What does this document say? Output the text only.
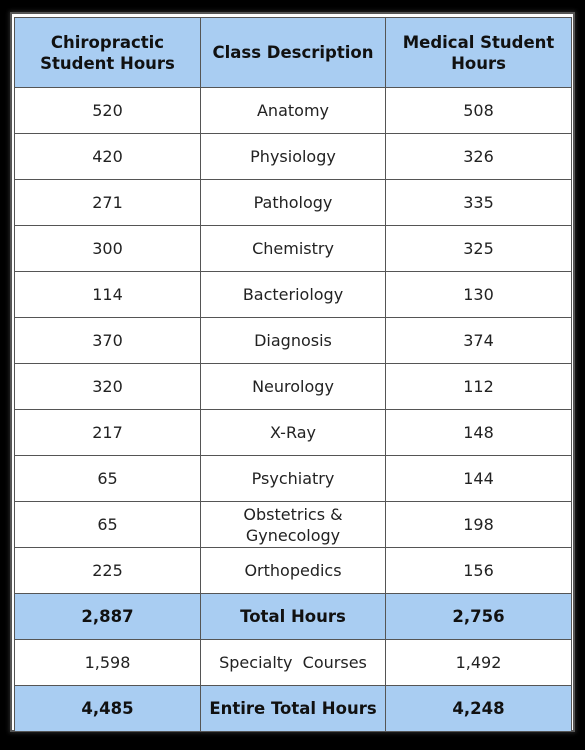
Chiropractic Student Hours	Class Description	Medical Student Hours
520	Anatomy	508
420	Physiology	326
271	Pathology	335
300	Chemistry	325
114	Bacteriology	130
370	Diagnosis	374
320	Neurology	112
217	X-Ray	148
65	Psychiatry	144
65	Obstetrics & Gynecology	198
225	Orthopedics	156
2,887	Total Hours	2,756
1,598	Specialty  Courses	1,492
4,485	Entire Total Hours	4,248
